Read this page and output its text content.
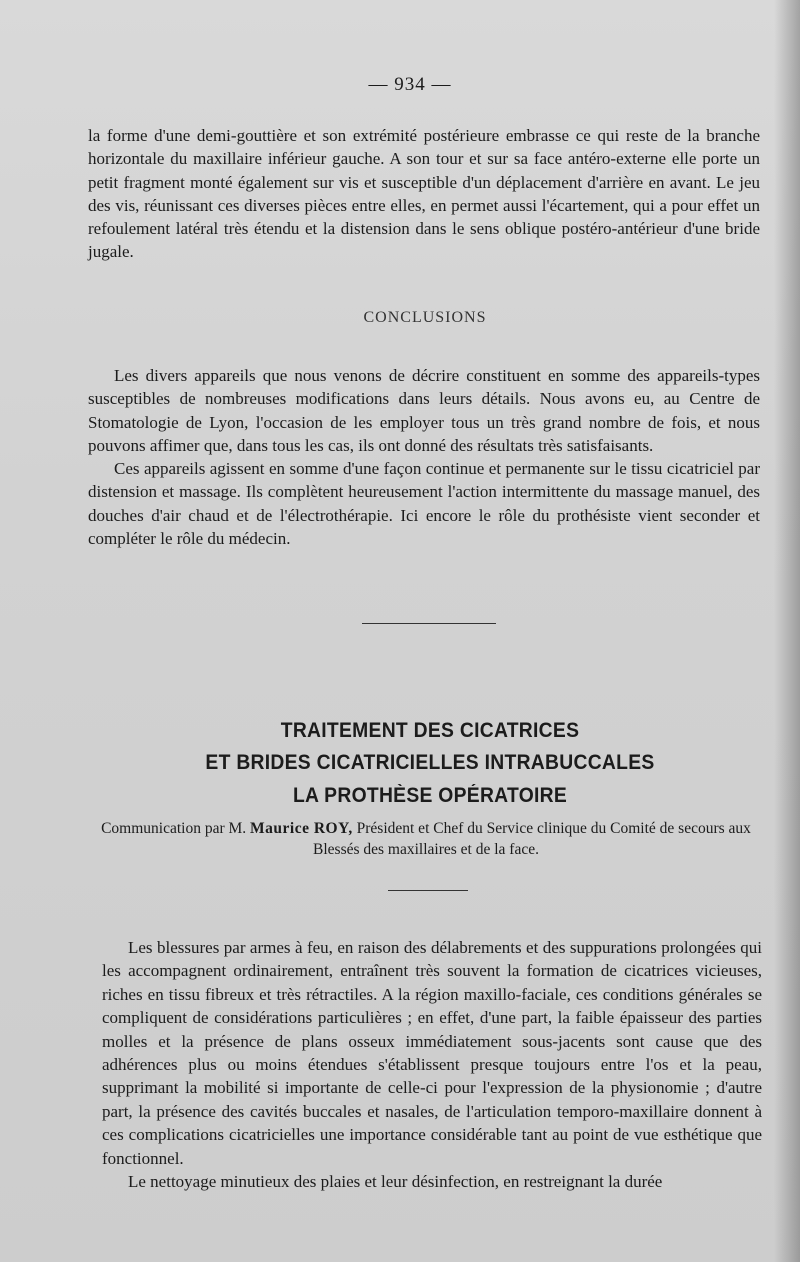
— 934 —

la forme d'une demi-gouttière et son extrémité postérieure embrasse ce qui reste de la branche horizontale du maxillaire inférieur gauche. A son tour et sur sa face antéro-externe elle porte un petit fragment monté également sur vis et susceptible d'un déplacement d'arrière en avant. Le jeu des vis, réunissant ces diverses pièces entre elles, en permet aussi l'écartement, qui a pour effet un refoulement latéral très étendu et la distension dans le sens oblique postéro-antérieur d'une bride jugale.

CONCLUSIONS

Les divers appareils que nous venons de décrire constituent en somme des appareils-types susceptibles de nombreuses modifications dans leurs détails. Nous avons eu, au Centre de Stomatologie de Lyon, l'occasion de les employer tous un très grand nombre de fois, et nous pouvons affimer que, dans tous les cas, ils ont donné des résultats très satisfaisants.

Ces appareils agissent en somme d'une façon continue et permanente sur le tissu cicatriciel par distension et massage. Ils complètent heureusement l'action intermittente du massage manuel, des douches d'air chaud et de l'électrothérapie. Ici encore le rôle du prothésiste vient seconder et compléter le rôle du médecin.

TRAITEMENT DES CICATRICES
ET BRIDES CICATRICIELLES INTRABUCCALES
LA PROTHÈSE OPÉRATOIRE
Communication par M. Maurice ROY, Président et Chef du Service clinique du Comité de secours aux Blessés des maxillaires et de la face.

Les blessures par armes à feu, en raison des délabrements et des suppurations prolongées qui les accompagnent ordinairement, entraînent très souvent la formation de cicatrices vicieuses, riches en tissu fibreux et très rétractiles. A la région maxillo-faciale, ces conditions générales se compliquent de considérations particulières ; en effet, d'une part, la faible épaisseur des parties molles et la présence de plans osseux immédiatement sous-jacents sont cause que des adhérences plus ou moins étendues s'établissent presque toujours entre l'os et la peau, supprimant la mobilité si importante de celle-ci pour l'expression de la physionomie ; d'autre part, la présence des cavités buccales et nasales, de l'articulation temporo-maxillaire donnent à ces complications cicatricielles une importance considérable tant au point de vue esthétique que fonctionnel.

Le nettoyage minutieux des plaies et leur désinfection, en restreignant la durée
